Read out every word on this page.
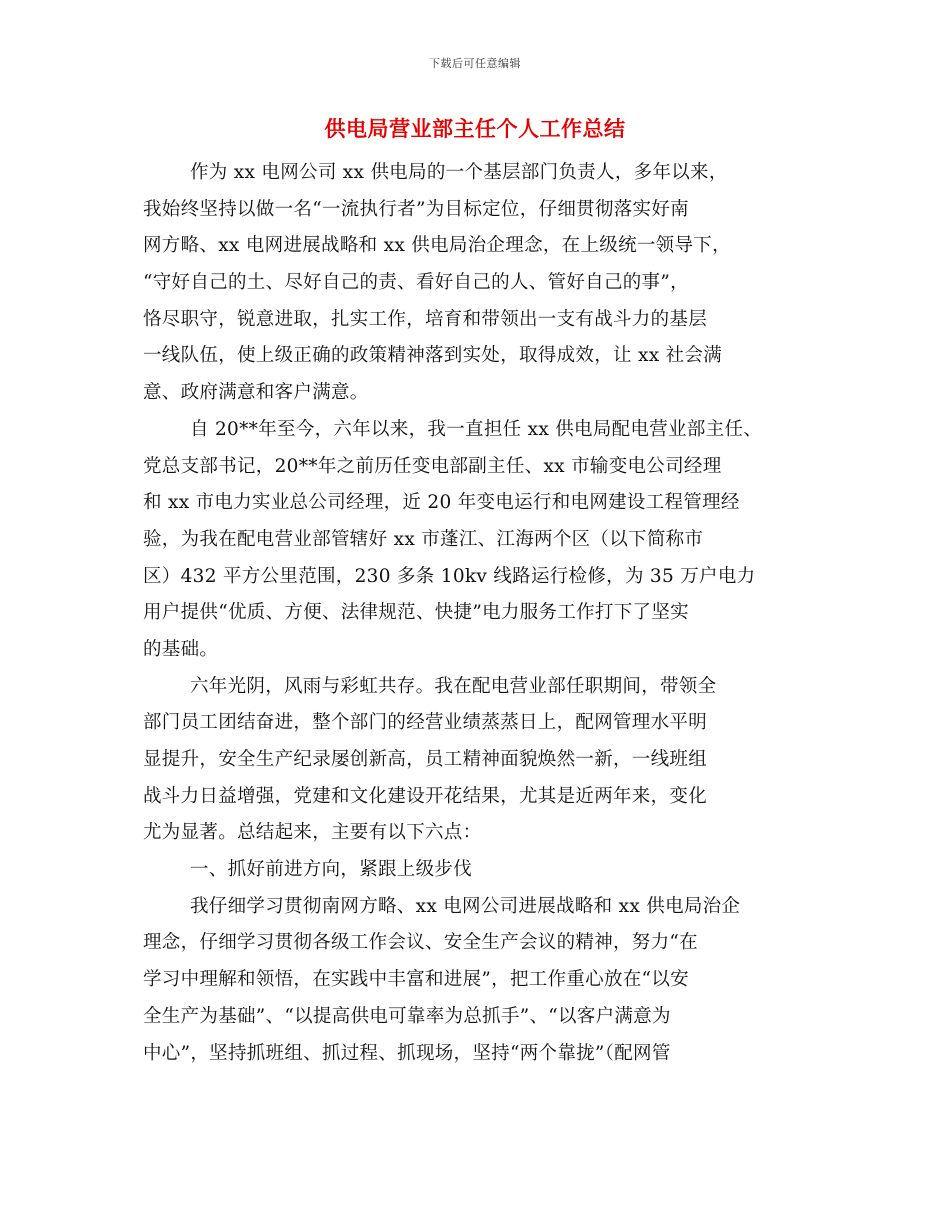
下载后可任意编辑
供电局营业部主任个人工作总结
作为 xx 电网公司 xx 供电局的一个基层部门负责人，多年以来，
我始终坚持以做一名“一流执行者”为目标定位，仔细贯彻落实好南
网方略、xx 电网进展战略和 xx 供电局治企理念，在上级统一领导下，
“守好自己的土、尽好自己的责、看好自己的人、管好自己的事”，
恪尽职守，锐意进取，扎实工作，培育和带领出一支有战斗力的基层
一线队伍，使上级正确的政策精神落到实处，取得成效，让 xx 社会满
意、政府满意和客户满意。
自 20**年至今，六年以来，我一直担任 xx 供电局配电营业部主任、
党总支部书记，20**年之前历任变电部副主任、xx 市输变电公司经理
和 xx 市电力实业总公司经理，近 20 年变电运行和电网建设工程管理经
验，为我在配电营业部管辖好 xx 市蓬江、江海两个区（以下简称市
区）432 平方公里范围，230 多条 10kv 线路运行检修，为 35 万户电力
用户提供“优质、方便、法律规范、快捷”电力服务工作打下了坚实
的基础。
六年光阴，风雨与彩虹共存。我在配电营业部任职期间，带领全
部门员工团结奋进，整个部门的经营业绩蒸蒸日上，配网管理水平明
显提升，安全生产纪录屡创新高，员工精神面貌焕然一新，一线班组
战斗力日益增强，党建和文化建设开花结果，尤其是近两年来，变化
尤为显著。总结起来，主要有以下六点：
一、抓好前进方向，紧跟上级步伐
我仔细学习贯彻南网方略、xx 电网公司进展战略和 xx 供电局治企
理念，仔细学习贯彻各级工作会议、安全生产会议的精神，努力“在
学习中理解和领悟，在实践中丰富和进展”，把工作重心放在“以安
全生产为基础”、“以提高供电可靠率为总抓手”、“以客户满意为
中心”，坚持抓班组、抓过程、抓现场，坚持“两个靠拢”（配网管
